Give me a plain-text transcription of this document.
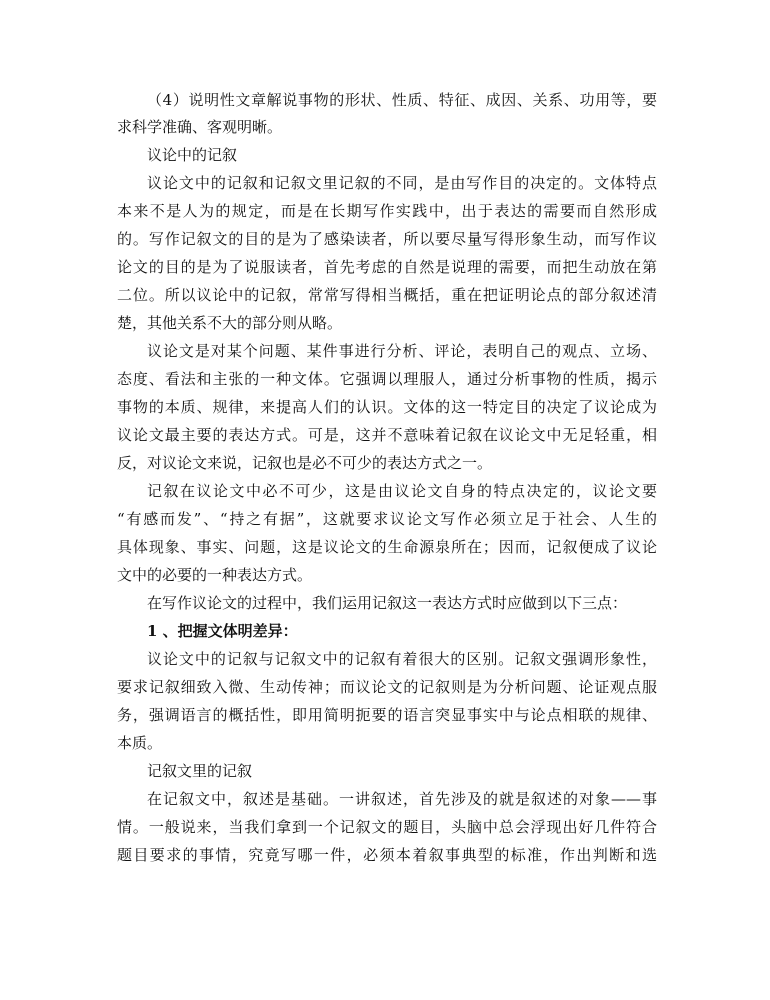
（4）说明性文章解说事物的形状、性质、特征、成因、关系、功用等，要
求科学准确、客观明晰。
议论中的记叙
议论文中的记叙和记叙文里记叙的不同，是由写作目的决定的。文体特点
本来不是人为的规定，而是在长期写作实践中，出于表达的需要而自然形成
的。写作记叙文的目的是为了感染读者，所以要尽量写得形象生动，而写作议
论文的目的是为了说服读者，首先考虑的自然是说理的需要，而把生动放在第
二位。所以议论中的记叙，常常写得相当概括，重在把证明论点的部分叙述清
楚，其他关系不大的部分则从略。
议论文是对某个问题、某件事进行分析、评论，表明自己的观点、立场、
态度、看法和主张的一种文体。它强调以理服人，通过分析事物的性质，揭示
事物的本质、规律，来提高人们的认识。文体的这一特定目的决定了议论成为
议论文最主要的表达方式。可是，这并不意味着记叙在议论文中无足轻重，相
反，对议论文来说，记叙也是必不可少的表达方式之一。
记叙在议论文中必不可少，这是由议论文自身的特点决定的，议论文要
“有感而发”、“持之有据”，这就要求议论文写作必须立足于社会、人生的
具体现象、事实、问题，这是议论文的生命源泉所在；因而，记叙便成了议论
文中的必要的一种表达方式。
在写作议论文的过程中，我们运用记叙这一表达方式时应做到以下三点：
1 、把握文体明差异：
议论文中的记叙与记叙文中的记叙有着很大的区别。记叙文强调形象性，
要求记叙细致入微、生动传神；而议论文的记叙则是为分析问题、论证观点服
务，强调语言的概括性，即用简明扼要的语言突显事实中与论点相联的规律、
本质。
记叙文里的记叙
在记叙文中，叙述是基础。一讲叙述，首先涉及的就是叙述的对象——事
情。一般说来，当我们拿到一个记叙文的题目，头脑中总会浮现出好几件符合
题目要求的事情，究竟写哪一件，必须本着叙事典型的标准，作出判断和选
